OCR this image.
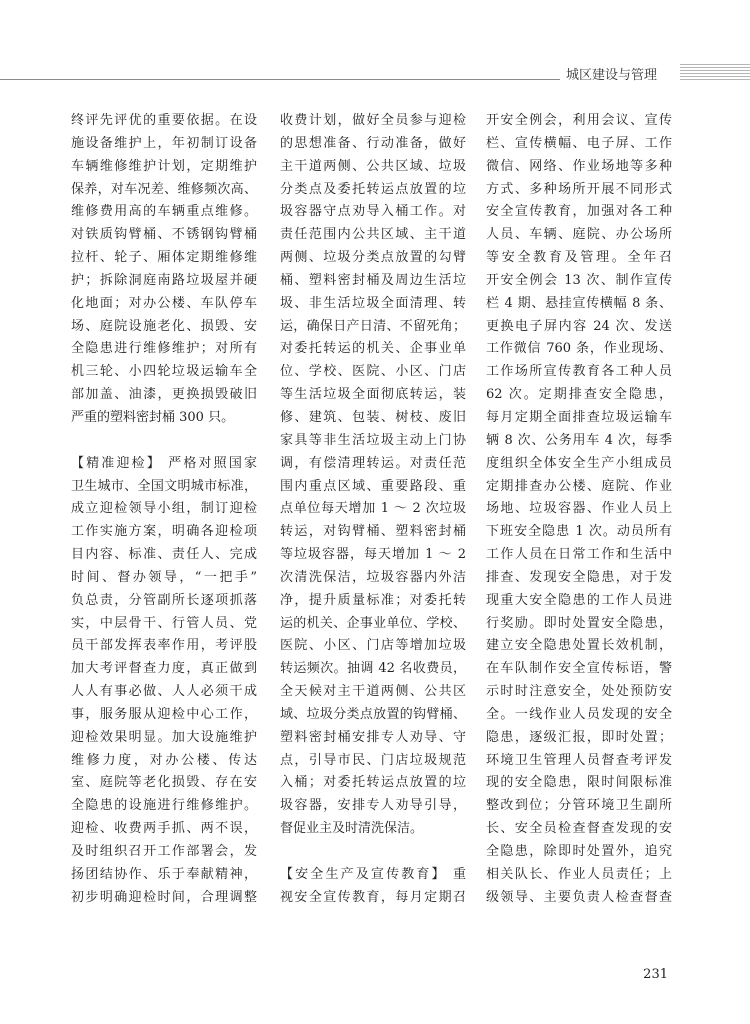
城区建设与管理
终评先评优的重要依据。在设
施设备维护上，年初制订设备
车辆维修维护计划，定期维护
保养，对车况差、维修频次高、
维修费用高的车辆重点维修。
对铁质钩臂桶、不锈钢钩臂桶
拉杆、轮子、厢体定期维修维
护；拆除洞庭南路垃圾屋并硬
化地面；对办公楼、车队停车
场、庭院设施老化、损毁、安
全隐患进行维修维护；对所有
机三轮、小四轮垃圾运输车全
部加盖、油漆，更换损毁破旧
严重的塑料密封桶 300 只。
【精准迎检】 严格对照国家
卫生城市、全国文明城市标准，
成立迎检领导小组，制订迎检
工作实施方案，明确各迎检项
目内容、标准、责任人、完成
时间、督办领导，“一把手”
负总责，分管副所长逐项抓落
实，中层骨干、行管人员、党
员干部发挥表率作用，考评股
加大考评督查力度，真正做到
人人有事必做、人人必须干成
事，服务服从迎检中心工作，
迎检效果明显。加大设施维护
维修力度，对办公楼、传达
室、庭院等老化损毁、存在安
全隐患的设施进行维修维护。
迎检、收费两手抓、两不误，
及时组织召开工作部署会，发
扬团结协作、乐于奉献精神，
初步明确迎检时间，合理调整
收费计划，做好全员参与迎检
的思想准备、行动准备，做好
主干道两侧、公共区域、垃圾
分类点及委托转运点放置的垃
圾容器守点劝导入桶工作。对
责任范围内公共区域、主干道
两侧、垃圾分类点放置的勾臂
桶、塑料密封桶及周边生活垃
圾、非生活垃圾全面清理、转
运，确保日产日清、不留死角；
对委托转运的机关、企事业单
位、学校、医院、小区、门店
等生活垃圾全面彻底转运，装
修、建筑、包装、树枝、废旧
家具等非生活垃圾主动上门协
调，有偿清理转运。对责任范
围内重点区域、重要路段、重
点单位每天增加 1 ～ 2 次垃圾
转运，对钩臂桶、塑料密封桶
等垃圾容器，每天增加 1 ～ 2
次清洗保洁，垃圾容器内外洁
净，提升质量标准；对委托转
运的机关、企事业单位、学校、
医院、小区、门店等增加垃圾
转运频次。抽调 42 名收费员，
全天候对主干道两侧、公共区
域、垃圾分类点放置的钩臂桶、
塑料密封桶安排专人劝导、守
点，引导市民、门店垃圾规范
入桶；对委托转运点放置的垃
圾容器，安排专人劝导引导，
督促业主及时清洗保洁。
【安全生产及宣传教育】 重
视安全宣传教育，每月定期召
开安全例会，利用会议、宣传
栏、宣传横幅、电子屏、工作
微信、网络、作业场地等多种
方式、多种场所开展不同形式
安全宣传教育，加强对各工种
人员、车辆、庭院、办公场所
等安全教育及管理。全年召
开安全例会 13 次、制作宣传
栏 4 期、悬挂宣传横幅 8 条、
更换电子屏内容 24 次、发送
工作微信 760 条，作业现场、
工作场所宣传教育各工种人员
62 次。定期排查安全隐患，
每月定期全面排查垃圾运输车
辆 8 次、公务用车 4 次，每季
度组织全体安全生产小组成员
定期排查办公楼、庭院、作业
场地、垃圾容器、作业人员上
下班安全隐患 1 次。动员所有
工作人员在日常工作和生活中
排查、发现安全隐患，对于发
现重大安全隐患的工作人员进
行奖励。即时处置安全隐患，
建立安全隐患处置长效机制，
在车队制作安全宣传标语，警
示时时注意安全，处处预防安
全。一线作业人员发现的安全
隐患，逐级汇报，即时处置；
环境卫生管理人员督查考评发
现的安全隐患，限时间限标准
整改到位；分管环境卫生副所
长、安全员检查督查发现的安
全隐患，除即时处置外，追究
相关队长、作业人员责任；上
级领导、主要负责人检查督查
231
